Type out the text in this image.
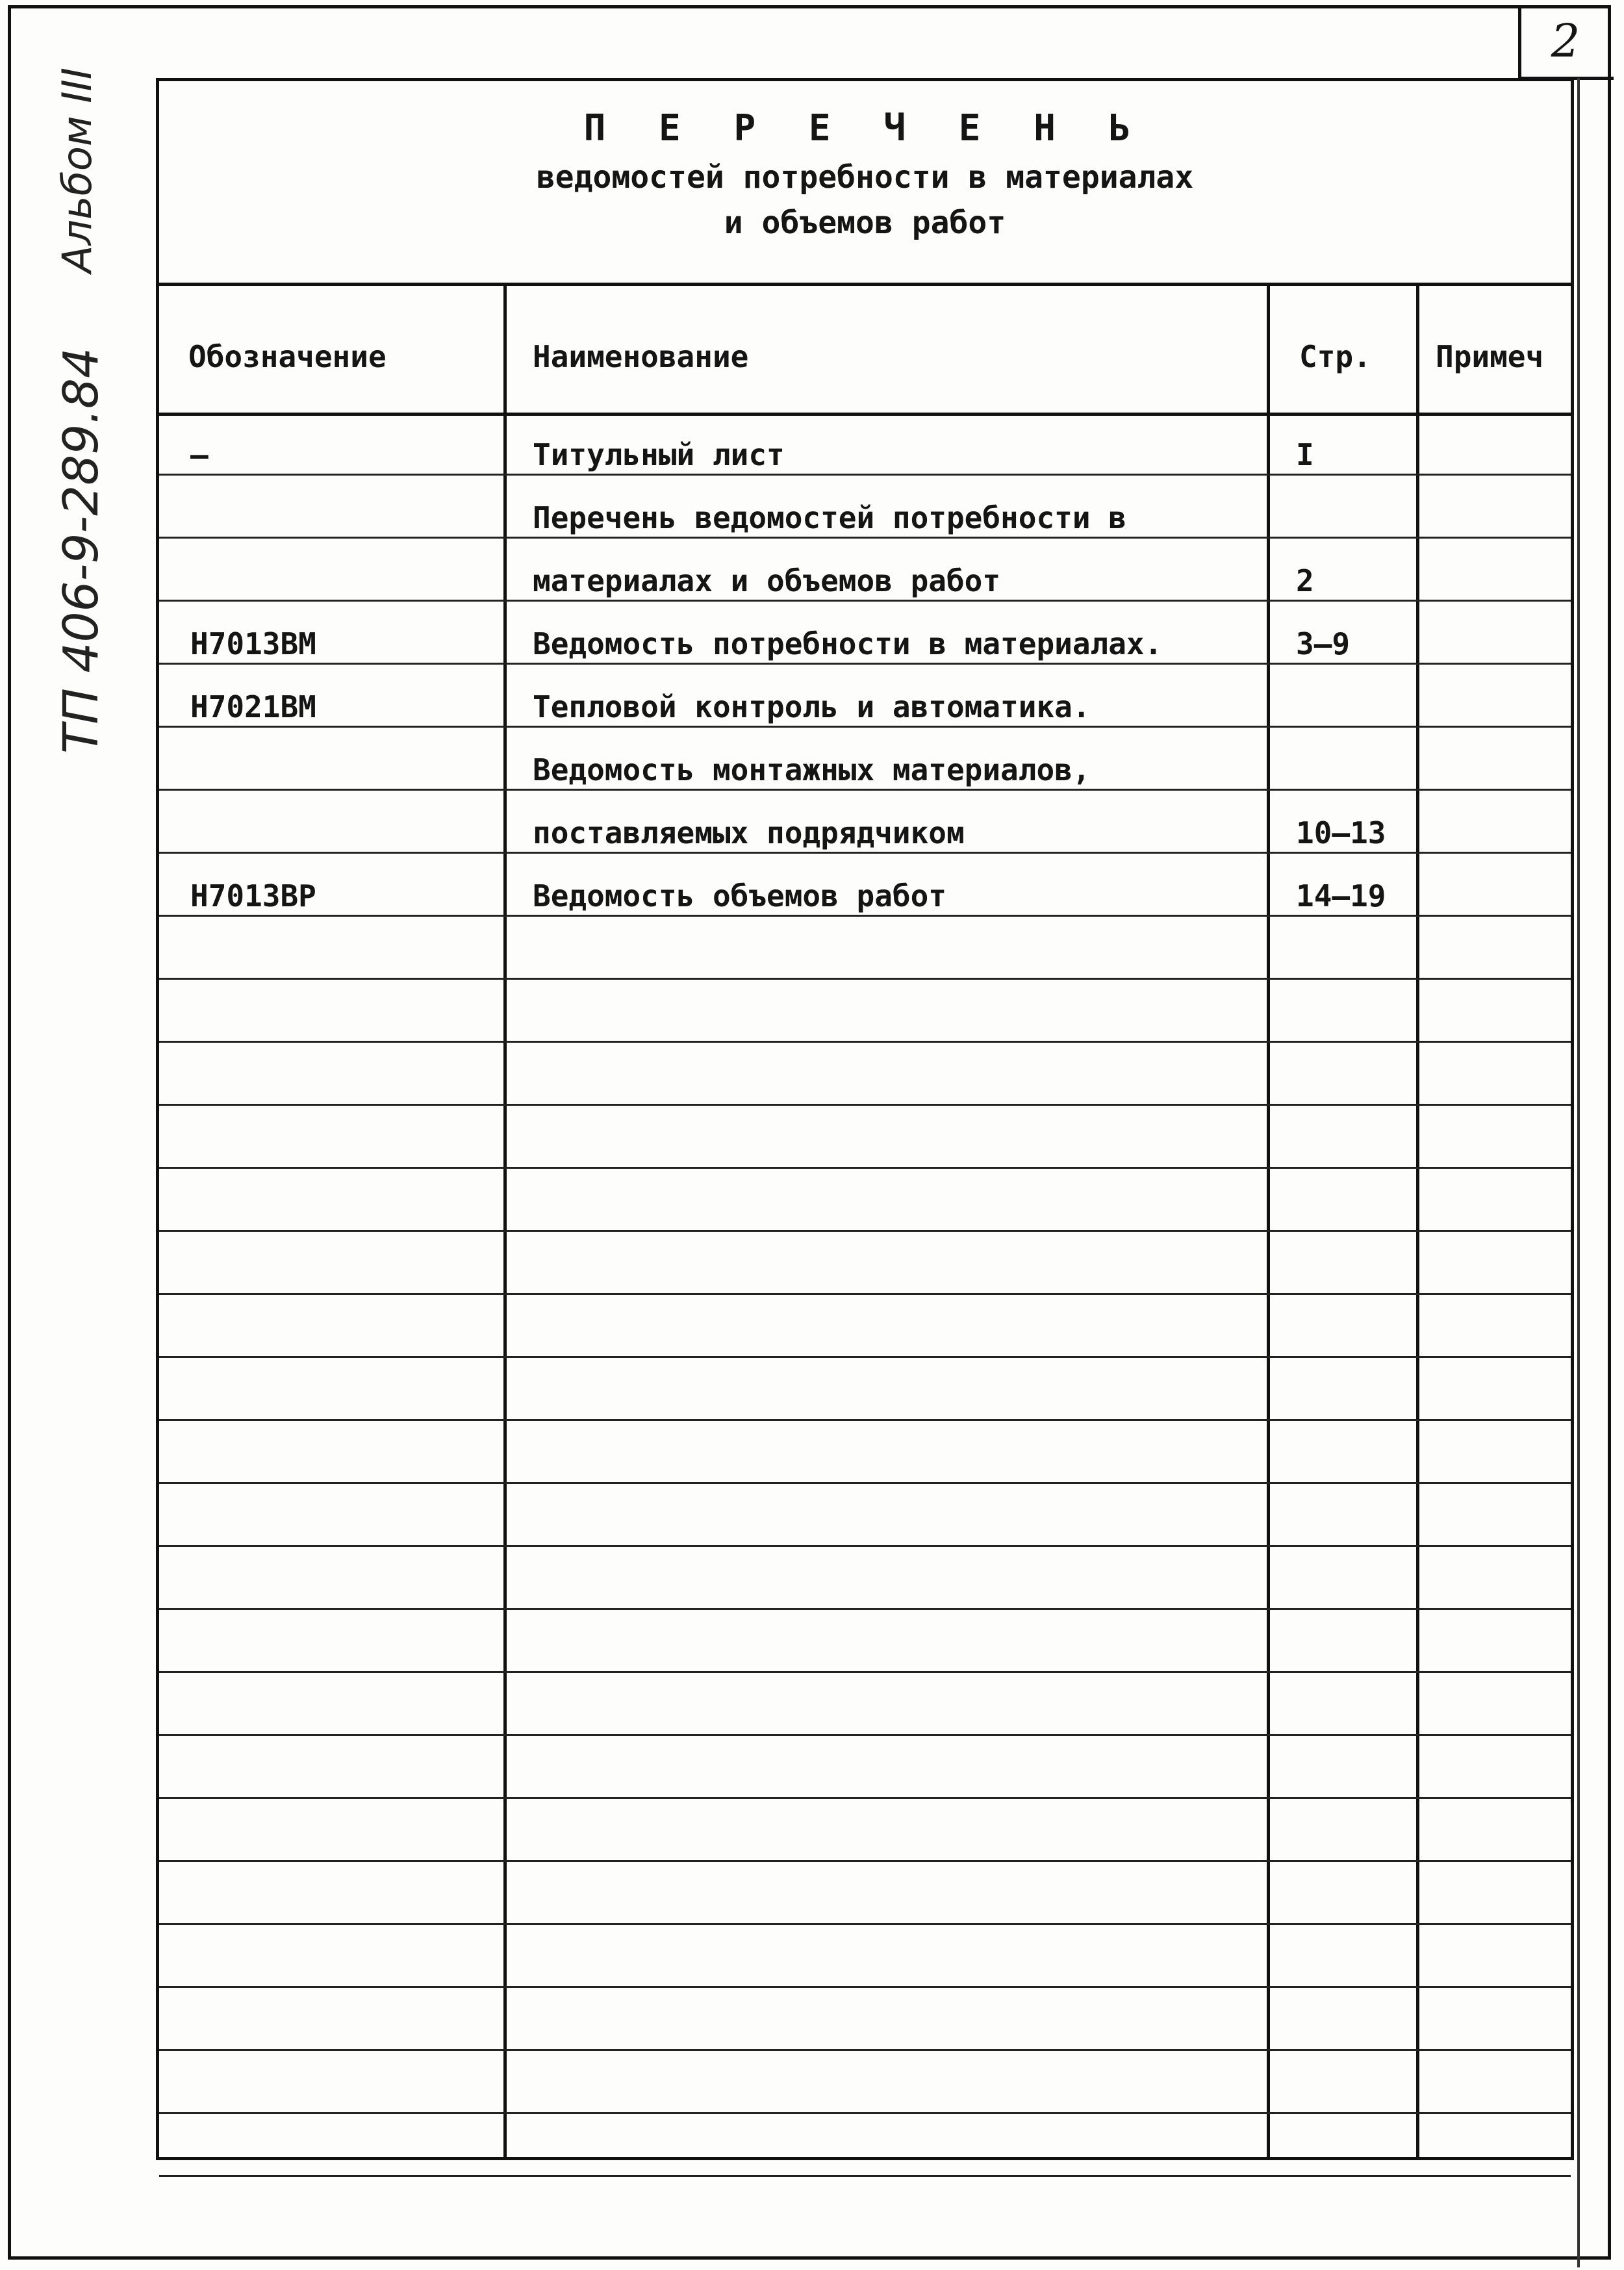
2
Альбом III
ТП 406-9-289.84
П Е Р Е Ч Е Н Ь
ведомостей потребности в материалах
и объемов работ
Обозначение	Наименование	Стр. Примеч
–	Титульный лист	I
Перечень ведомостей потребности в
материалах и объемов работ	2
Н7013ВМ	Ведомость потребности в материалах.	3–9
Н7021ВМ	Тепловой контроль и автоматика.
Ведомость монтажных материалов,
поставляемых подрядчиком	10–13
Н7013ВР	Ведомость объемов работ	14–19
